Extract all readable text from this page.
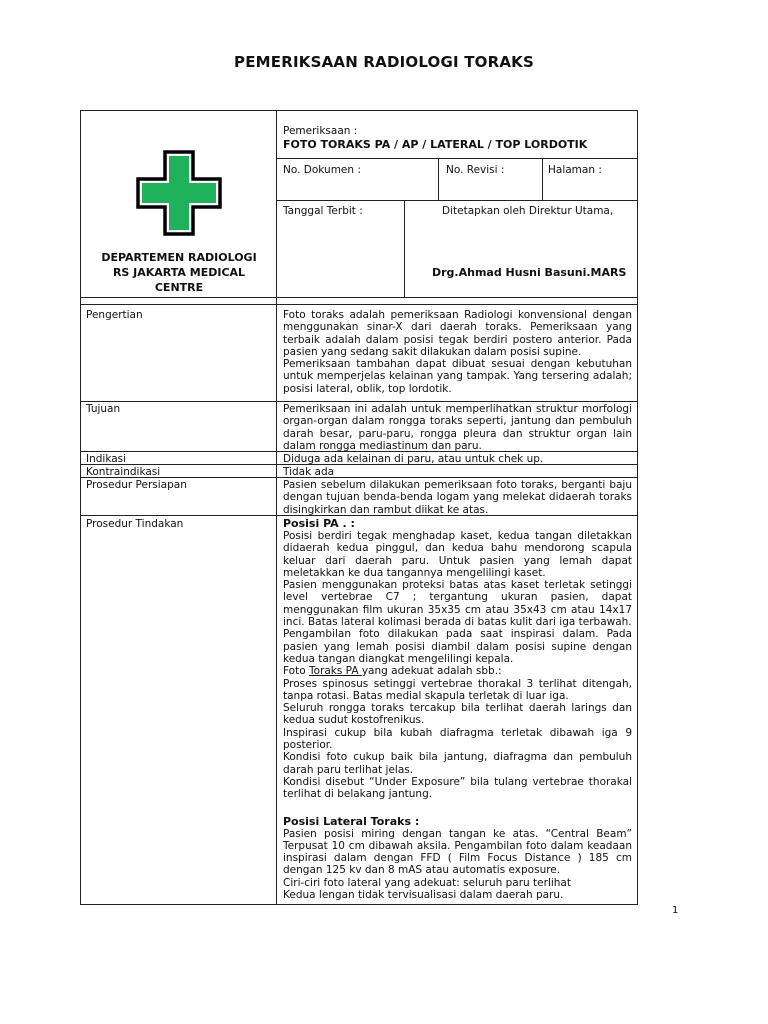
PEMERIKSAAN RADIOLOGI TORAKS
DEPARTEMEN RADIOLOGI
RS JAKARTA MEDICAL
CENTRE
Pemeriksaan :
FOTO TORAKS PA / AP / LATERAL / TOP LORDOTIK
No. Dokumen :	No. Revisi :	Halaman :
Tanggal Terbit :	Ditetapkan oleh Direktur Utama,
Drg.Ahmad Husni Basuni.MARS
Pengertian	Foto toraks adalah pemeriksaan Radiologi konvensional dengan menggunakan sinar-X dari daerah toraks. Pemeriksaan yang terbaik adalah dalam posisi tegak berdiri postero anterior. Pada pasien yang sedang sakit dilakukan dalam posisi supine.

Pemeriksaan tambahan dapat dibuat sesuai dengan kebutuhan untuk memperjelas kelainan yang tampak. Yang tersering adalah; posisi lateral, oblik, top lordotik.

Tujuan	Pemeriksaan ini adalah untuk memperlihatkan struktur morfologi organ-organ dalam rongga toraks seperti, jantung dan pembuluh darah besar, paru-paru, rongga pleura dan struktur organ lain dalam rongga mediastinum dan paru.

Indikasi	Diduga ada kelainan di paru, atau untuk chek up.

Kontraindikasi	Tidak ada

Prosedur Persiapan	Pasien sebelum dilakukan pemeriksaan foto toraks, berganti baju dengan tujuan benda-benda logam yang melekat didaerah toraks disingkirkan dan rambut diikat ke atas.

Prosedur Tindakan	Posisi PA . :

Posisi berdiri tegak menghadap kaset, kedua tangan diletakkan didaerah kedua pinggul, dan kedua bahu mendorong scapula keluar dari daerah paru. Untuk pasien yang lemah dapat meletakkan ke dua tangannya mengelilingi kaset.

Pasien menggunakan proteksi batas atas kaset terletak setinggi level vertebrae C7 ; tergantung ukuran pasien, dapat menggunakan film ukuran 35x35 cm atau 35x43 cm atau 14x17 inci. Batas lateral kolimasi berada di batas kulit dari iga terbawah.

Pengambilan foto dilakukan pada saat inspirasi dalam. Pada pasien yang lemah posisi diambil dalam posisi supine dengan kedua tangan diangkat mengelilingi kepala.

Foto Toraks PA yang adekuat adalah sbb.:

Proses spinosus setinggi vertebrae thorakal 3 terlihat ditengah, tanpa rotasi. Batas medial skapula terletak di luar iga.

Seluruh rongga toraks tercakup bila terlihat daerah larings dan kedua sudut kostofrenikus.

Inspirasi cukup bila kubah diafragma terletak dibawah iga 9 posterior.

Kondisi foto cukup baik bila jantung, diafragma dan pembuluh darah paru terlihat jelas.

Kondisi disebut “Under Exposure” bila tulang vertebrae thorakal terlihat di belakang jantung.

Posisi Lateral Toraks :

Pasien posisi miring dengan tangan ke atas. “Central Beam” Terpusat 10 cm dibawah aksila. Pengambilan foto dalam keadaan inspirasi dalam dengan FFD ( Film Focus Distance ) 185 cm dengan 125 kv dan 8 mAS atau automatis exposure.

Ciri-ciri foto lateral yang adekuat: seluruh paru terlihat

Kedua lengan tidak tervisualisasi dalam daerah paru.

1
